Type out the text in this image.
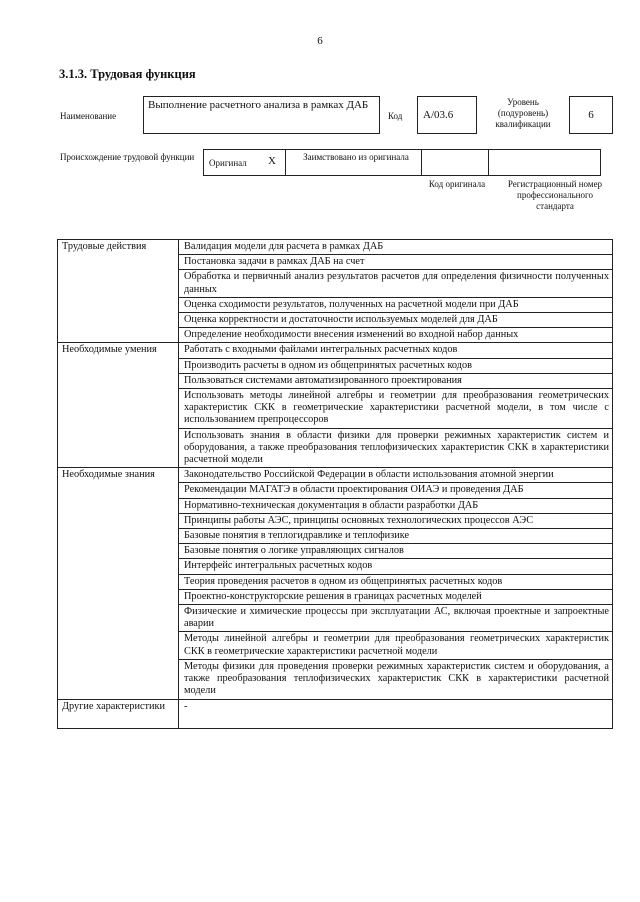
6
3.1.3. Трудовая функция
Наименование
Выполнение расчетного анализа в рамках ДАБ
Код	А/03.6
Уровень (подуровень) квалификации
6
Происхождение трудовой функции
Оригинал Х	Заимствовано из оригинала
Код оригинала	Регистрационный номер профессионального стандарта
Трудовые действия	Валидация модели для расчета в рамках ДАБ
	Постановка задачи в рамках ДАБ на счет
	Обработка и первичный анализ результатов расчетов для определения физичности полученных данных
	Оценка сходимости результатов, полученных на расчетной модели при ДАБ
	Оценка корректности и достаточности используемых моделей для ДАБ
	Определение необходимости внесения изменений во входной набор данных
Необходимые умения	Работать с входными файлами интегральных расчетных кодов
	Производить расчеты в одном из общепринятых расчетных кодов
	Пользоваться системами автоматизированного проектирования
	Использовать методы линейной алгебры и геометрии для преобразования геометрических характеристик СКК в геометрические характеристики расчетной модели, в том числе с использованием препроцессоров
	Использовать знания в области физики для проверки режимных характеристик систем и оборудования, а также преобразования теплофизических характеристик СКК в характеристики расчетной модели
Необходимые знания	Законодательство Российской Федерации в области использования атомной энергии
	Рекомендации МАГАТЭ в области проектирования ОИАЭ и проведения ДАБ
	Нормативно-техническая документация в области разработки ДАБ
	Принципы работы АЭС, принципы основных технологических процессов АЭС
	Базовые понятия в теплогидравлике и теплофизике
	Базовые понятия о логике управляющих сигналов
	Интерфейс интегральных расчетных кодов
	Теория проведения расчетов в одном из общепринятых расчетных кодов
	Проектно-конструкторские решения в границах расчетных моделей
	Физические и химические процессы при эксплуатации АС, включая проектные и запроектные аварии
	Методы линейной алгебры и геометрии для преобразования геометрических характеристик СКК в геометрические характеристики расчетной модели
	Методы физики для проведения проверки режимных характеристик систем и оборудования, а также преобразования теплофизических характеристик СКК в характеристики расчетной модели
Другие характеристики	-
